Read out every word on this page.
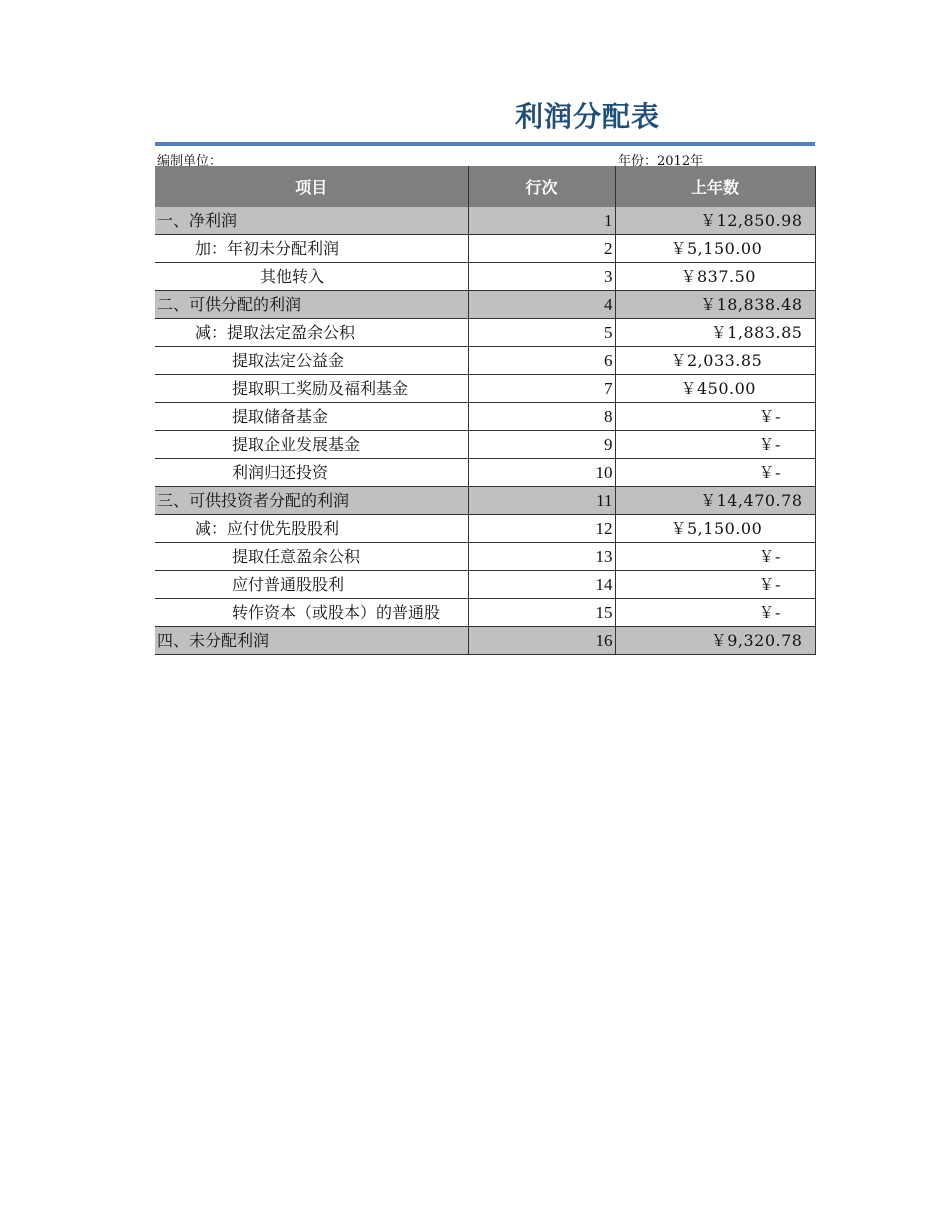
利润分配表
编制单位：	年份：2012年
项目	行次	上年数
一、净利润	1	￥12,850.98
加：年初未分配利润	2	￥5,150.00
其他转入	3	￥837.50
二、可供分配的利润	4	￥18,838.48
减：提取法定盈余公积	5	￥1,883.85
提取法定公益金	6	￥2,033.85
提取职工奖励及福利基金	7	￥450.00
提取储备基金	8	￥-
提取企业发展基金	9	￥-
利润归还投资	10	￥-
三、可供投资者分配的利润	11	￥14,470.78
减：应付优先股股利	12	￥5,150.00
提取任意盈余公积	13	￥-
应付普通股股利	14	￥-
转作资本（或股本）的普通股	15	￥-
四、未分配利润	16	￥9,320.78
